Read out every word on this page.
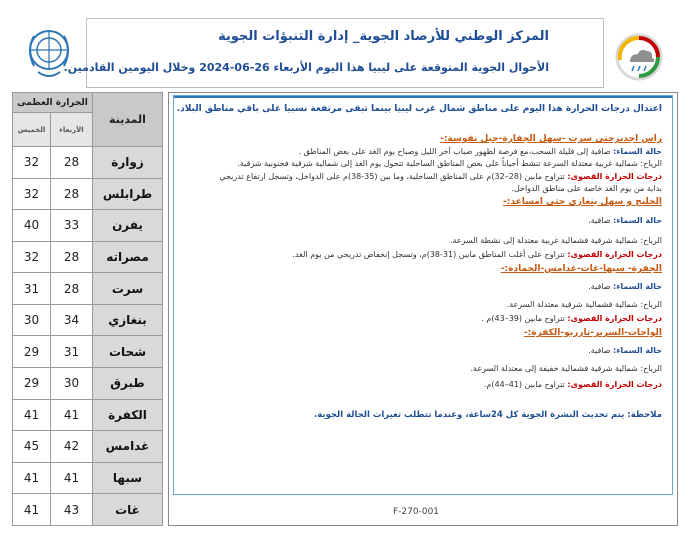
المركز الوطني للأرصاد الجوية_ إدارة التنبؤات الجوية
الأحوال الجوية المتوقعة على ليبيا هذا اليوم الأربعاء 26-06-2024 وخلال اليومين القادمين.
الحرارة العظمى		المدينة
الخميس	الأربعاء	
32	28	زوارة
32	28	طرابلس
40	33	يفرن
32	28	مصراته
31	28	سرت
30	34	بنغازي
29	31	شحات
29	30	طبرق
41	41	الكفرة
45	42	غدامس
41	41	سبها
41	43	غات
اعتدال درجات الحرارة هذا اليوم على مناطق شمال غرب ليبيا بينما تبقى مرتفعة نسبيا على باقي مناطق البلاد.
راس اجديرحتى سرت -سهل الجفارة-جبل نفوسة:-
حالة السماء: صافية إلى قليلة السحب،مع فرصة لظهور ضباب آخر الليل وصباح يوم الغد على بعض المناطق .
الرياح: شمالية غربية معتدلة السرعة تنشط أحياناً على بعض المناطق الساحلية تتحول يوم الغد إلى شمالية شرقية فجنوبية شرقية.
درجات الحرارة القصوى: تتراوح مابين (28–32)م على المناطق الساحلية، وما بين (35-38)م على الدواخل، وتسجل ارتفاع تدريجي
بداية من يوم الغد خاصة على مناطق الدواخل.
الخليج و سهل بنغازي حتى امساعد:-
حالة السماء: صافية.
الرياح: شمالية شرقية فشمالية غربية معتدلة إلى نشطة السرعة.
درجات الحرارة القصوى: تتراوح على أغلب المناطق مابين (31-38)م، وتسجل إنخفاض تدريجي من يوم الغد.
الجفرة- سبها-غات-غدامس-الحمادة:-
حالة السماء: صافية.
الرياح: شمالية فشمالية شرقية معتدلة السرعة.
درجات الحرارة القصوى: تتراوح مابين (39–43)م .
الواحات-السرير-تازربو-الكفرة:-
حالة السماء: صافية.
الرياح: شمالية شرقية فشمالية خفيفة إلى معتدلة السرعة.
درجات الحرارة القصوى: تتراوح مابين (41–44)م.
ملاحظة: يتم تحديث النشرة الجوية كل 24ساعة، وعندما تتطلب تغيرات الحالة الجوية.
F-270-001
